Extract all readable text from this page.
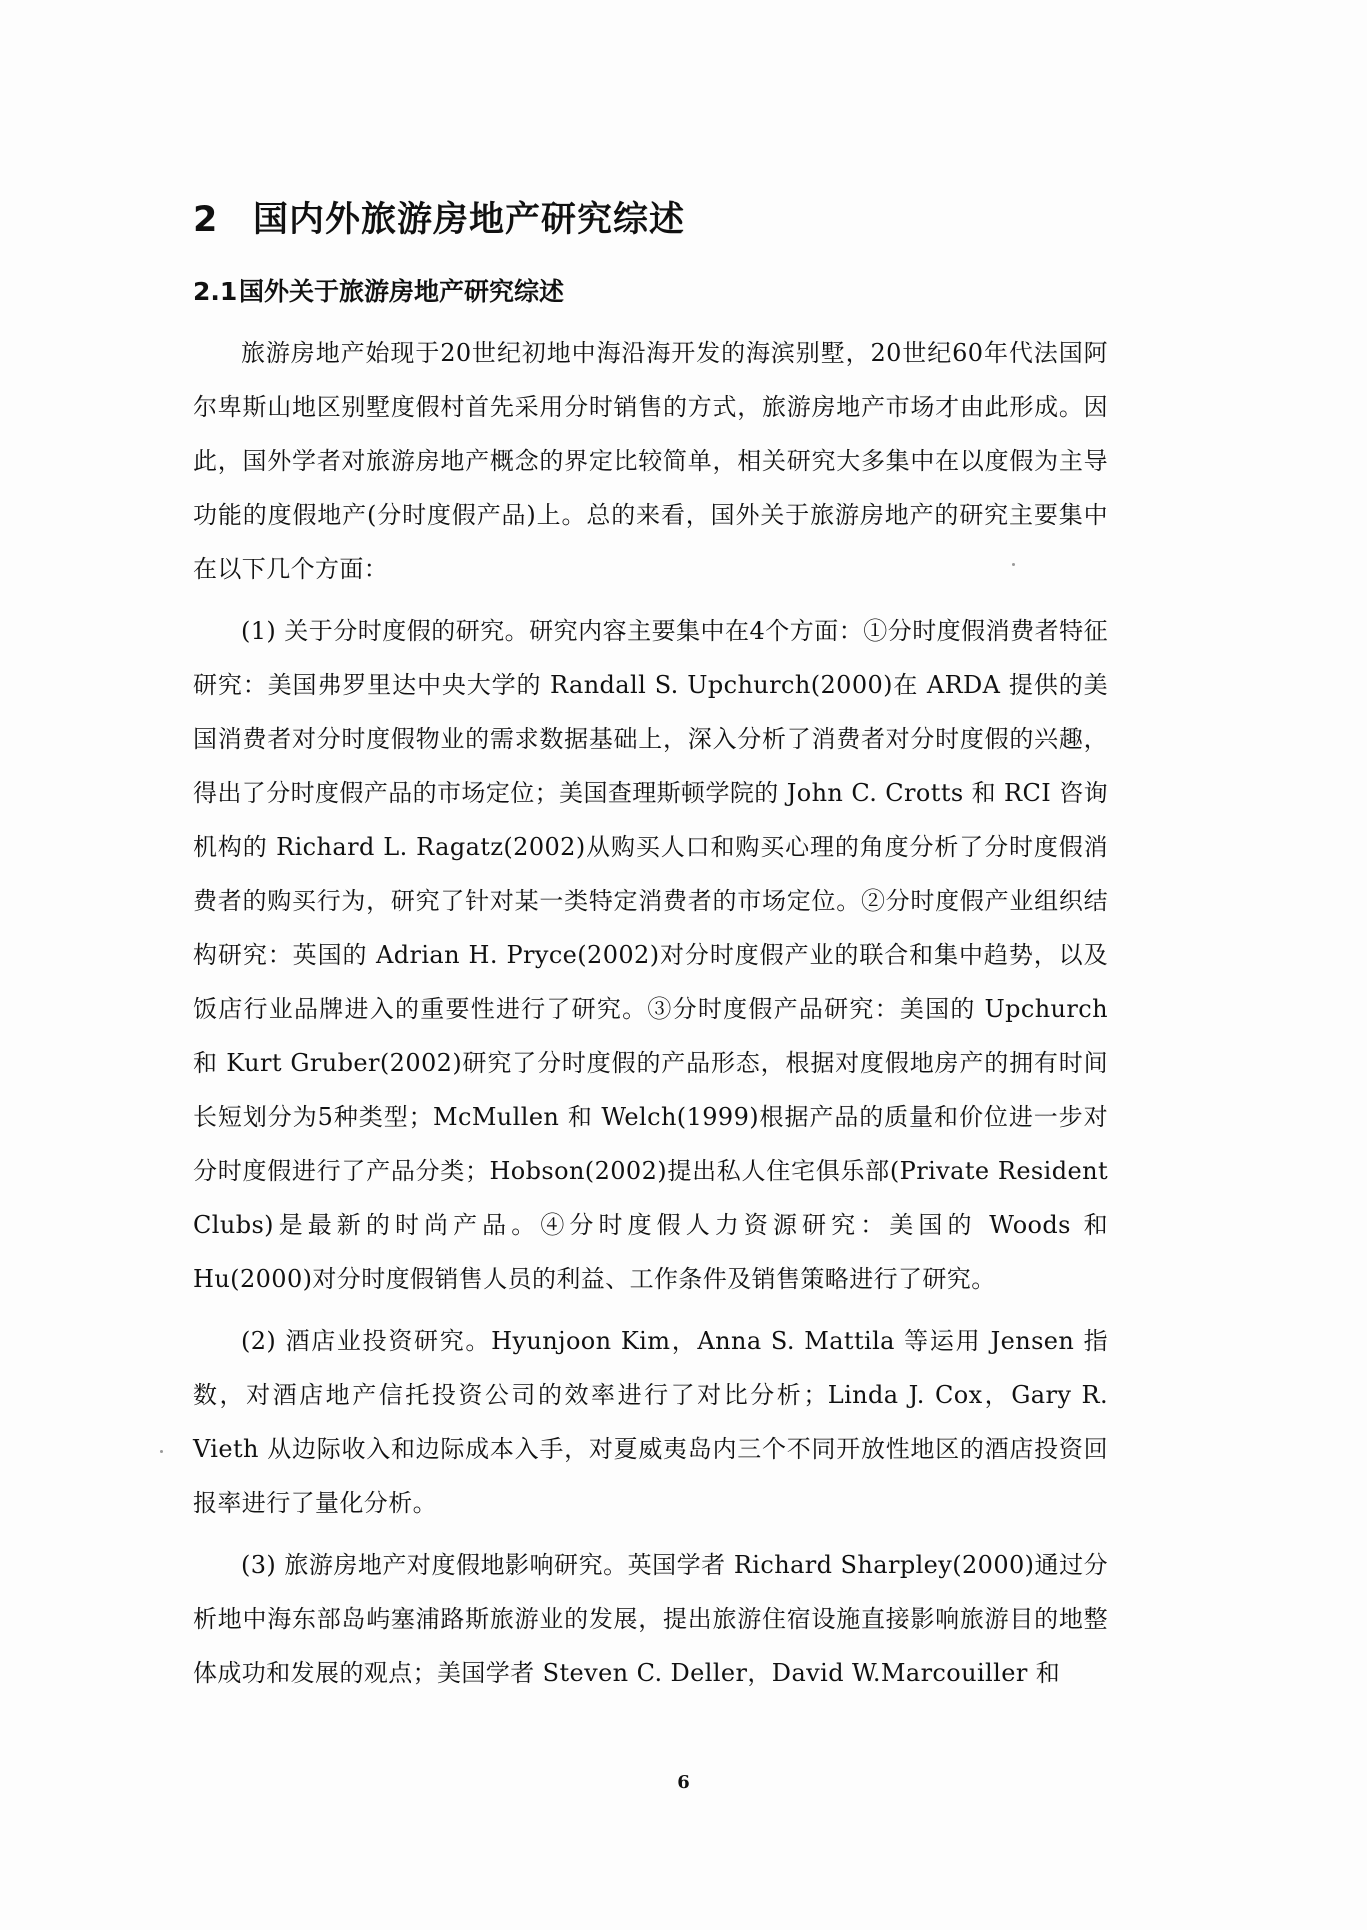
2 国内外旅游房地产研究综述
2.1国外关于旅游房地产研究综述

旅游房地产始现于20世纪初地中海沿海开发的海滨别墅，20世纪60年代法国阿尔卑斯山地区别墅度假村首先采用分时销售的方式，旅游房地产市场才由此形成。因此，国外学者对旅游房地产概念的界定比较简单，相关研究大多集中在以度假为主导功能的度假地产(分时度假产品)上。总的来看，国外关于旅游房地产的研究主要集中在以下几个方面：

(1) 关于分时度假的研究。研究内容主要集中在4个方面：①分时度假消费者特征研究：美国弗罗里达中央大学的 Randall S. Upchurch(2000)在 ARDA 提供的美国消费者对分时度假物业的需求数据基础上，深入分析了消费者对分时度假的兴趣，得出了分时度假产品的市场定位；美国查理斯顿学院的 John C. Crotts 和 RCI 咨询机构的 Richard L. Ragatz(2002)从购买人口和购买心理的角度分析了分时度假消费者的购买行为，研究了针对某一类特定消费者的市场定位。②分时度假产业组织结构研究：英国的 Adrian H. Pryce(2002)对分时度假产业的联合和集中趋势，以及饭店行业品牌进入的重要性进行了研究。③分时度假产品研究：美国的 Upchurch 和 Kurt Gruber(2002)研究了分时度假的产品形态，根据对度假地房产的拥有时间长短划分为5种类型；McMullen 和 Welch(1999)根据产品的质量和价位进一步对分时度假进行了产品分类；Hobson(2002)提出私人住宅俱乐部(Private Resident Clubs)是最新的时尚产品。④分时度假人力资源研究：美国的 Woods 和 Hu(2000)对分时度假销售人员的利益、工作条件及销售策略进行了研究。

(2) 酒店业投资研究。Hyunjoon Kim，Anna S. Mattila 等运用 Jensen 指数，对酒店地产信托投资公司的效率进行了对比分析；Linda J. Cox，Gary R. Vieth 从边际收入和边际成本入手，对夏威夷岛内三个不同开放性地区的酒店投资回报率进行了量化分析。

(3) 旅游房地产对度假地影响研究。英国学者 Richard Sharpley(2000)通过分析地中海东部岛屿塞浦路斯旅游业的发展，提出旅游住宿设施直接影响旅游目的地整体成功和发展的观点；美国学者 Steven C. Deller，David W.Marcouiller 和

6
